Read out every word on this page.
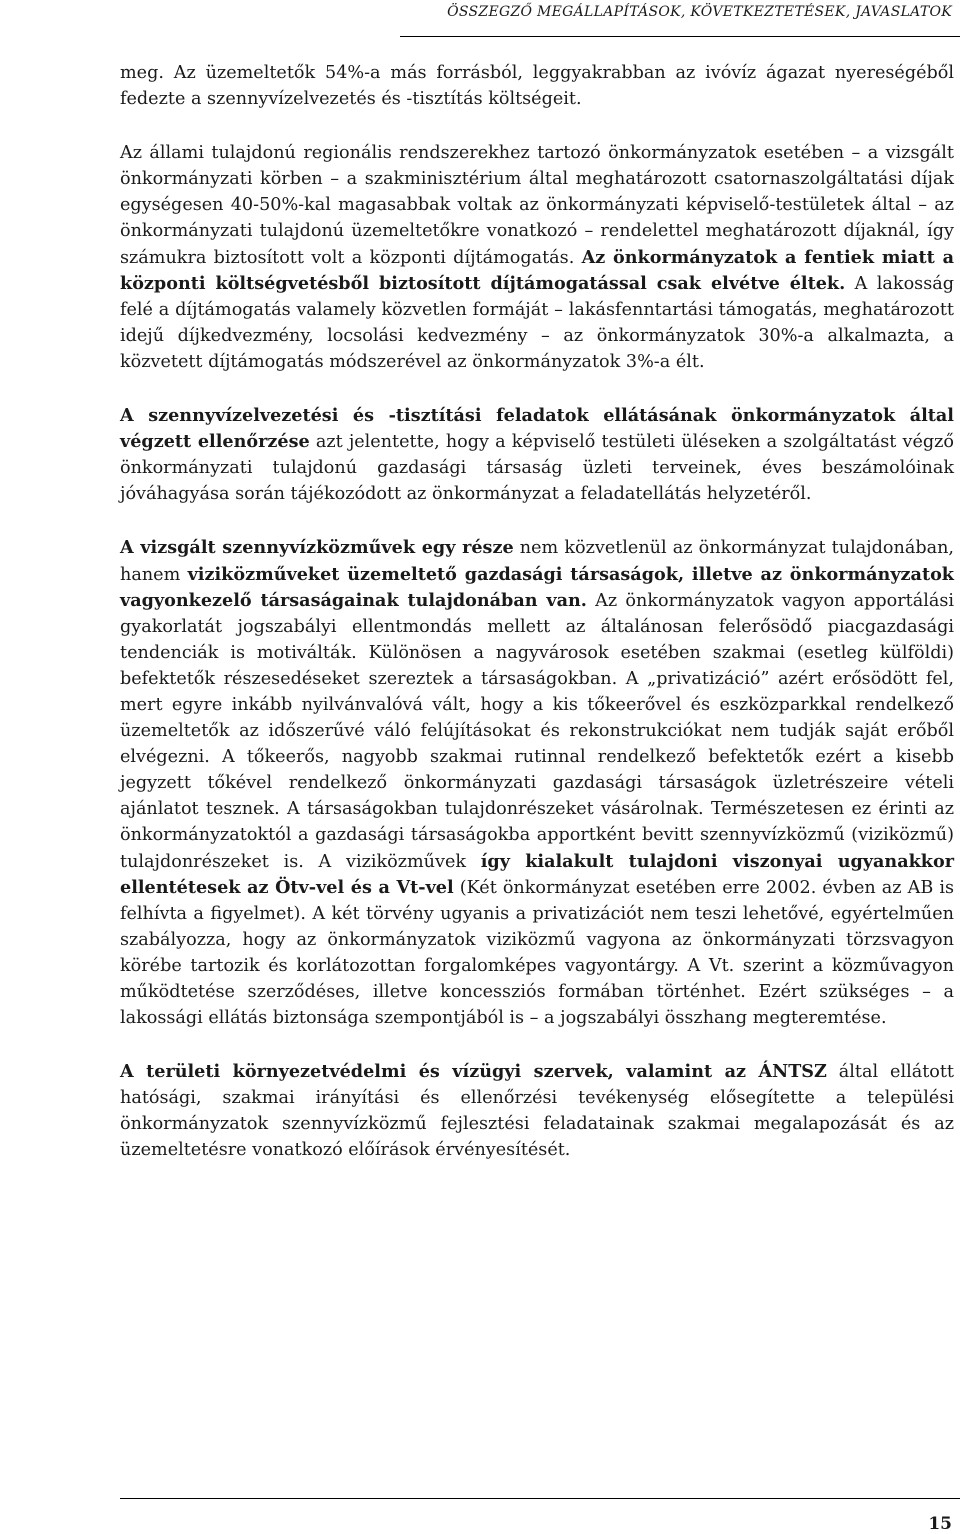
ÖSSZEGZŐ MEGÁLLAPÍTÁSOK, KÖVETKEZTETÉSEK, JAVASLATOK

meg. Az üzemeltetők 54%-a más forrásból, leggyakrabban az ivóvíz ágazat nyereségéből fedezte a szennyvízelvezetés és -tisztítás költségeit.

Az állami tulajdonú regionális rendszerekhez tartozó önkormányzatok esetében – a vizsgált önkormányzati körben – a szakminisztérium által meghatározott csatornaszolgáltatási díjak egységesen 40-50%-kal magasabbak voltak az önkormányzati képviselő-testületek által – az önkormányzati tulajdonú üzemeltetőkre vonatkozó – rendelettel meghatározott díjaknál, így számukra biztosított volt a központi díjtámogatás. Az önkormányzatok a fentiek miatt a központi költségvetésből biztosított díjtámogatással csak elvétve éltek. A lakosság felé a díjtámogatás valamely közvetlen formáját – lakásfenntartási támogatás, meghatározott idejű díjkedvezmény, locsolási kedvezmény – az önkormányzatok 30%-a alkalmazta, a közvetett díjtámogatás módszerével az önkormányzatok 3%-a élt.

A szennyvízelvezetési és -tisztítási feladatok ellátásának önkormányzatok által végzett ellenőrzése azt jelentette, hogy a képviselő testületi üléseken a szolgáltatást végző önkormányzati tulajdonú gazdasági társaság üzleti terveinek, éves beszámolóinak jóváhagyása során tájékozódott az önkormányzat a feladatellátás helyzetéről.

A vizsgált szennyvízközművek egy része nem közvetlenül az önkormányzat tulajdonában, hanem viziközműveket üzemeltető gazdasági társaságok, illetve az önkormányzatok vagyonkezelő társaságainak tulajdonában van. Az önkormányzatok vagyon apportálási gyakorlatát jogszabályi ellentmondás mellett az általánosan felerősödő piacgazdasági tendenciák is motiválták. Különösen a nagyvárosok esetében szakmai (esetleg külföldi) befektetők részesedéseket szereztek a társaságokban. A „privatizáció” azért erősödött fel, mert egyre inkább nyilvánvalóvá vált, hogy a kis tőkeerővel és eszközparkkal rendelkező üzemeltetők az időszerűvé váló felújításokat és rekonstrukciókat nem tudják saját erőből elvégezni. A tőkeerős, nagyobb szakmai rutinnal rendelkező befektetők ezért a kisebb jegyzett tőkével rendelkező önkormányzati gazdasági társaságok üzletrészeire vételi ajánlatot tesznek. A társaságokban tulajdonrészeket vásárolnak. Természetesen ez érinti az önkormányzatoktól a gazdasági társaságokba apportként bevitt szennyvízközmű (viziközmű) tulajdonrészeket is. A viziközművek így kialakult tulajdoni viszonyai ugyanakkor ellentétesek az Ötv-vel és a Vt-vel (Két önkormányzat esetében erre 2002. évben az AB is felhívta a figyelmet). A két törvény ugyanis a privatizációt nem teszi lehetővé, egyértelműen szabályozza, hogy az önkormányzatok viziközmű vagyona az önkormányzati törzsvagyon körébe tartozik és korlátozottan forgalomképes vagyontárgy. A Vt. szerint a közművagyon működtetése szerződéses, illetve koncessziós formában történhet. Ezért szükséges – a lakossági ellátás biztonsága szempontjából is – a jogszabályi összhang megteremtése.

A területi környezetvédelmi és vízügyi szervek, valamint az ÁNTSZ által ellátott hatósági, szakmai irányítási és ellenőrzési tevékenység elősegítette a települési önkormányzatok szennyvízközmű fejlesztési feladatainak szakmai megalapozását és az üzemeltetésre vonatkozó előírások érvényesítését.

15
